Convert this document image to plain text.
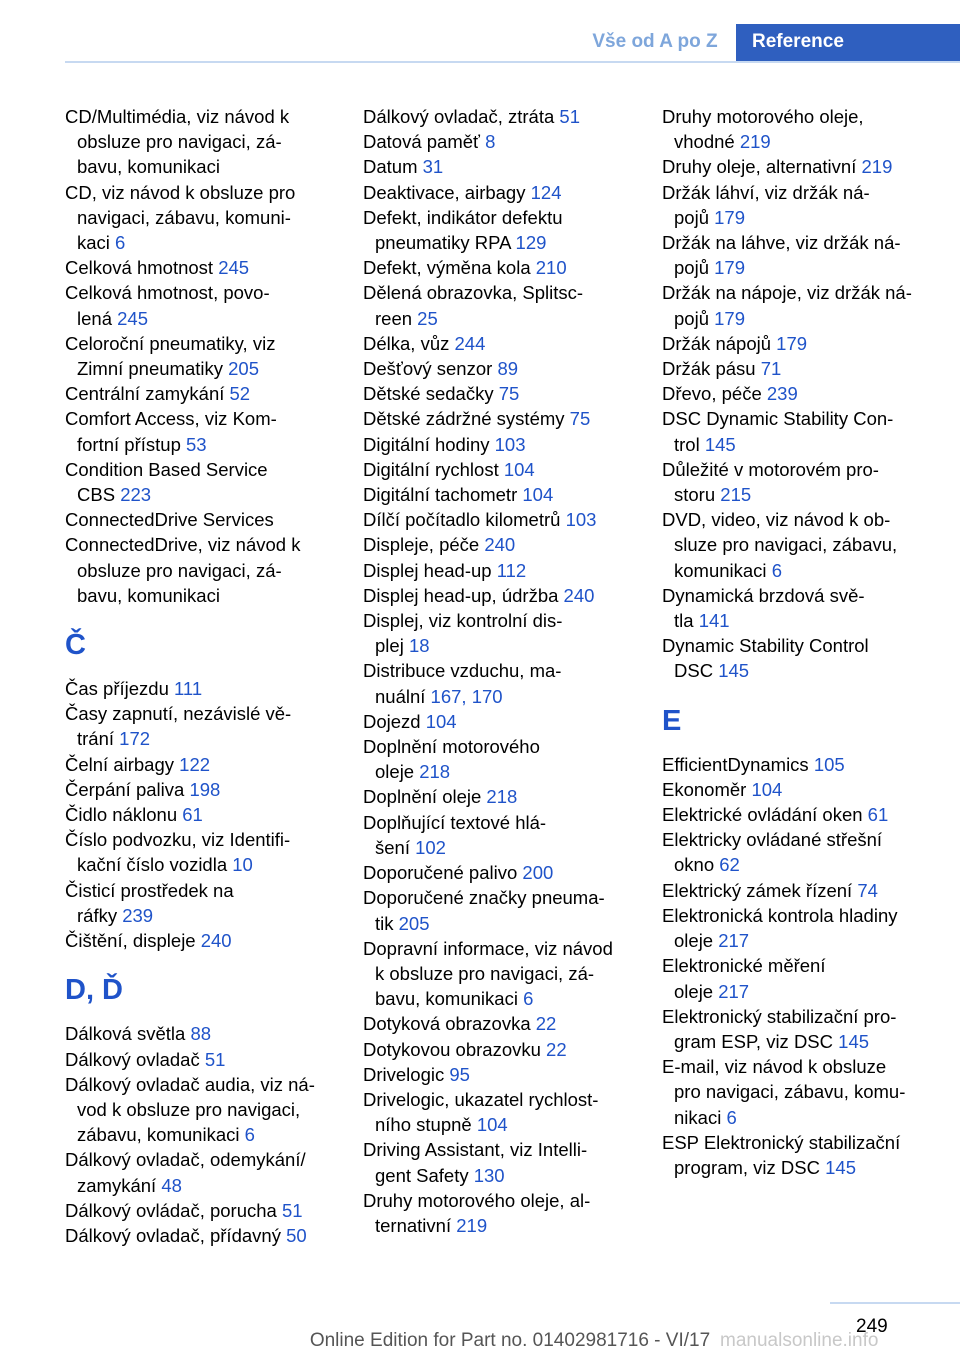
Vše od A po Z	Reference
CD/Multimédia, viz návod k
obsluze pro navigaci, zá-
bavu, komunikaci
CD, viz návod k obsluze pro
navigaci, zábavu, komuni-
kaci 6
Celková hmotnost 245
Celková hmotnost, povo-
lená 245
Celoroční pneumatiky, viz
Zimní pneumatiky 205
Centrální zamykání 52
Comfort Access, viz Kom-
fortní přístup 53
Condition Based Service
CBS 223
ConnectedDrive Services
ConnectedDrive, viz návod k
obsluze pro navigaci, zá-
bavu, komunikaci
Č
Čas příjezdu 111
Časy zapnutí, nezávislé vě-
trání 172
Čelní airbagy 122
Čerpání paliva 198
Čidlo náklonu 61
Číslo podvozku, viz Identifi-
kační číslo vozidla 10
Čisticí prostředek na
ráfky 239
Čištění, displeje 240
D, Ď
Dálková světla 88
Dálkový ovladač 51
Dálkový ovladač audia, viz ná-
vod k obsluze pro navigaci,
zábavu, komunikaci 6
Dálkový ovladač, odemykání/
zamykání 48
Dálkový ovládač, porucha 51
Dálkový ovladač, přídavný 50
Dálkový ovladač, ztráta 51
Datová paměť 8
Datum 31
Deaktivace, airbagy 124
Defekt, indikátor defektu
pneumatiky RPA 129
Defekt, výměna kola 210
Dělená obrazovka, Splitsc-
reen 25
Délka, vůz 244
Dešťový senzor 89
Dětské sedačky 75
Dětské zádržné systémy 75
Digitální hodiny 103
Digitální rychlost 104
Digitální tachometr 104
Dílčí počítadlo kilometrů 103
Displeje, péče 240
Displej head-up 112
Displej head-up, údržba 240
Displej, viz kontrolní dis-
plej 18
Distribuce vzduchu, ma-
nuální 167, 170
Dojezd 104
Doplnění motorového
oleje 218
Doplnění oleje 218
Doplňující textové hlá-
šení 102
Doporučené palivo 200
Doporučené značky pneuma-
tik 205
Dopravní informace, viz návod
k obsluze pro navigaci, zá-
bavu, komunikaci 6
Dotyková obrazovka 22
Dotykovou obrazovku 22
Drivelogic 95
Drivelogic, ukazatel rychlost-
ního stupně 104
Driving Assistant, viz Intelli-
gent Safety 130
Druhy motorového oleje, al-
ternativní 219
Druhy motorového oleje,
vhodné 219
Druhy oleje, alternativní 219
Držák láhví, viz držák ná-
pojů 179
Držák na láhve, viz držák ná-
pojů 179
Držák na nápoje, viz držák ná-
pojů 179
Držák nápojů 179
Držák pásu 71
Dřevo, péče 239
DSC Dynamic Stability Con-
trol 145
Důležité v motorovém pro-
storu 215
DVD, video, viz návod k ob-
sluze pro navigaci, zábavu,
komunikaci 6
Dynamická brzdová svě-
tla 141
Dynamic Stability Control
DSC 145
E
EfficientDynamics 105
Ekonoměr 104
Elektrické ovládání oken 61
Elektricky ovládané střešní
okno 62
Elektrický zámek řízení 74
Elektronická kontrola hladiny
oleje 217
Elektronické měření
oleje 217
Elektronický stabilizační pro-
gram ESP, viz DSC 145
E-mail, viz návod k obsluze
pro navigaci, zábavu, komu-
nikaci 6
ESP Elektronický stabilizační
program, viz DSC 145
249
Online Edition for Part no. 01402981716 - VI/17 manualsonline.info
